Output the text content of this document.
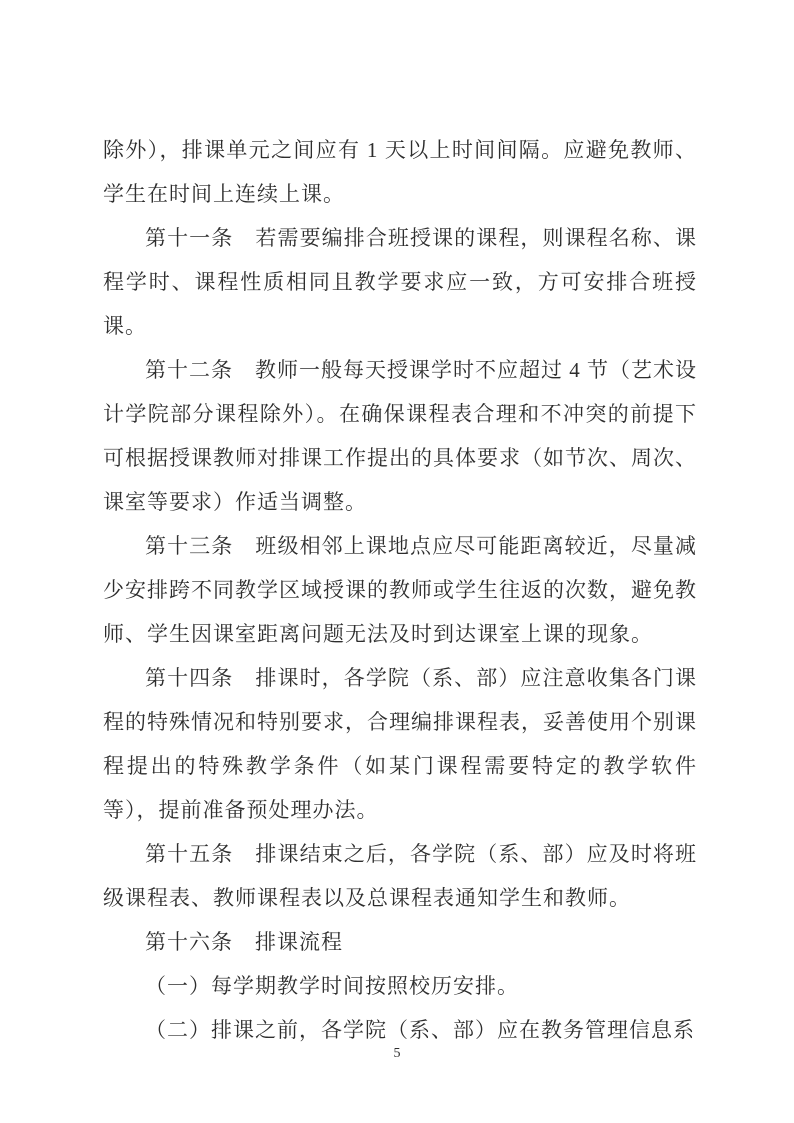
除外），排课单元之间应有 1 天以上时间间隔。应避免教师、学生在时间上连续上课。

第十一条　若需要编排合班授课的课程，则课程名称、课程学时、课程性质相同且教学要求应一致，方可安排合班授课。

第十二条　教师一般每天授课学时不应超过 4 节（艺术设计学院部分课程除外）。在确保课程表合理和不冲突的前提下可根据授课教师对排课工作提出的具体要求（如节次、周次、课室等要求）作适当调整。

第十三条　班级相邻上课地点应尽可能距离较近，尽量减少安排跨不同教学区域授课的教师或学生往返的次数，避免教师、学生因课室距离问题无法及时到达课室上课的现象。

第十四条　排课时，各学院（系、部）应注意收集各门课程的特殊情况和特别要求，合理编排课程表，妥善使用个别课程提出的特殊教学条件（如某门课程需要特定的教学软件等），提前准备预处理办法。

第十五条　排课结束之后，各学院（系、部）应及时将班级课程表、教师课程表以及总课程表通知学生和教师。

第十六条　排课流程

（一）每学期教学时间按照校历安排。

（二）排课之前，各学院（系、部）应在教务管理信息系

5
